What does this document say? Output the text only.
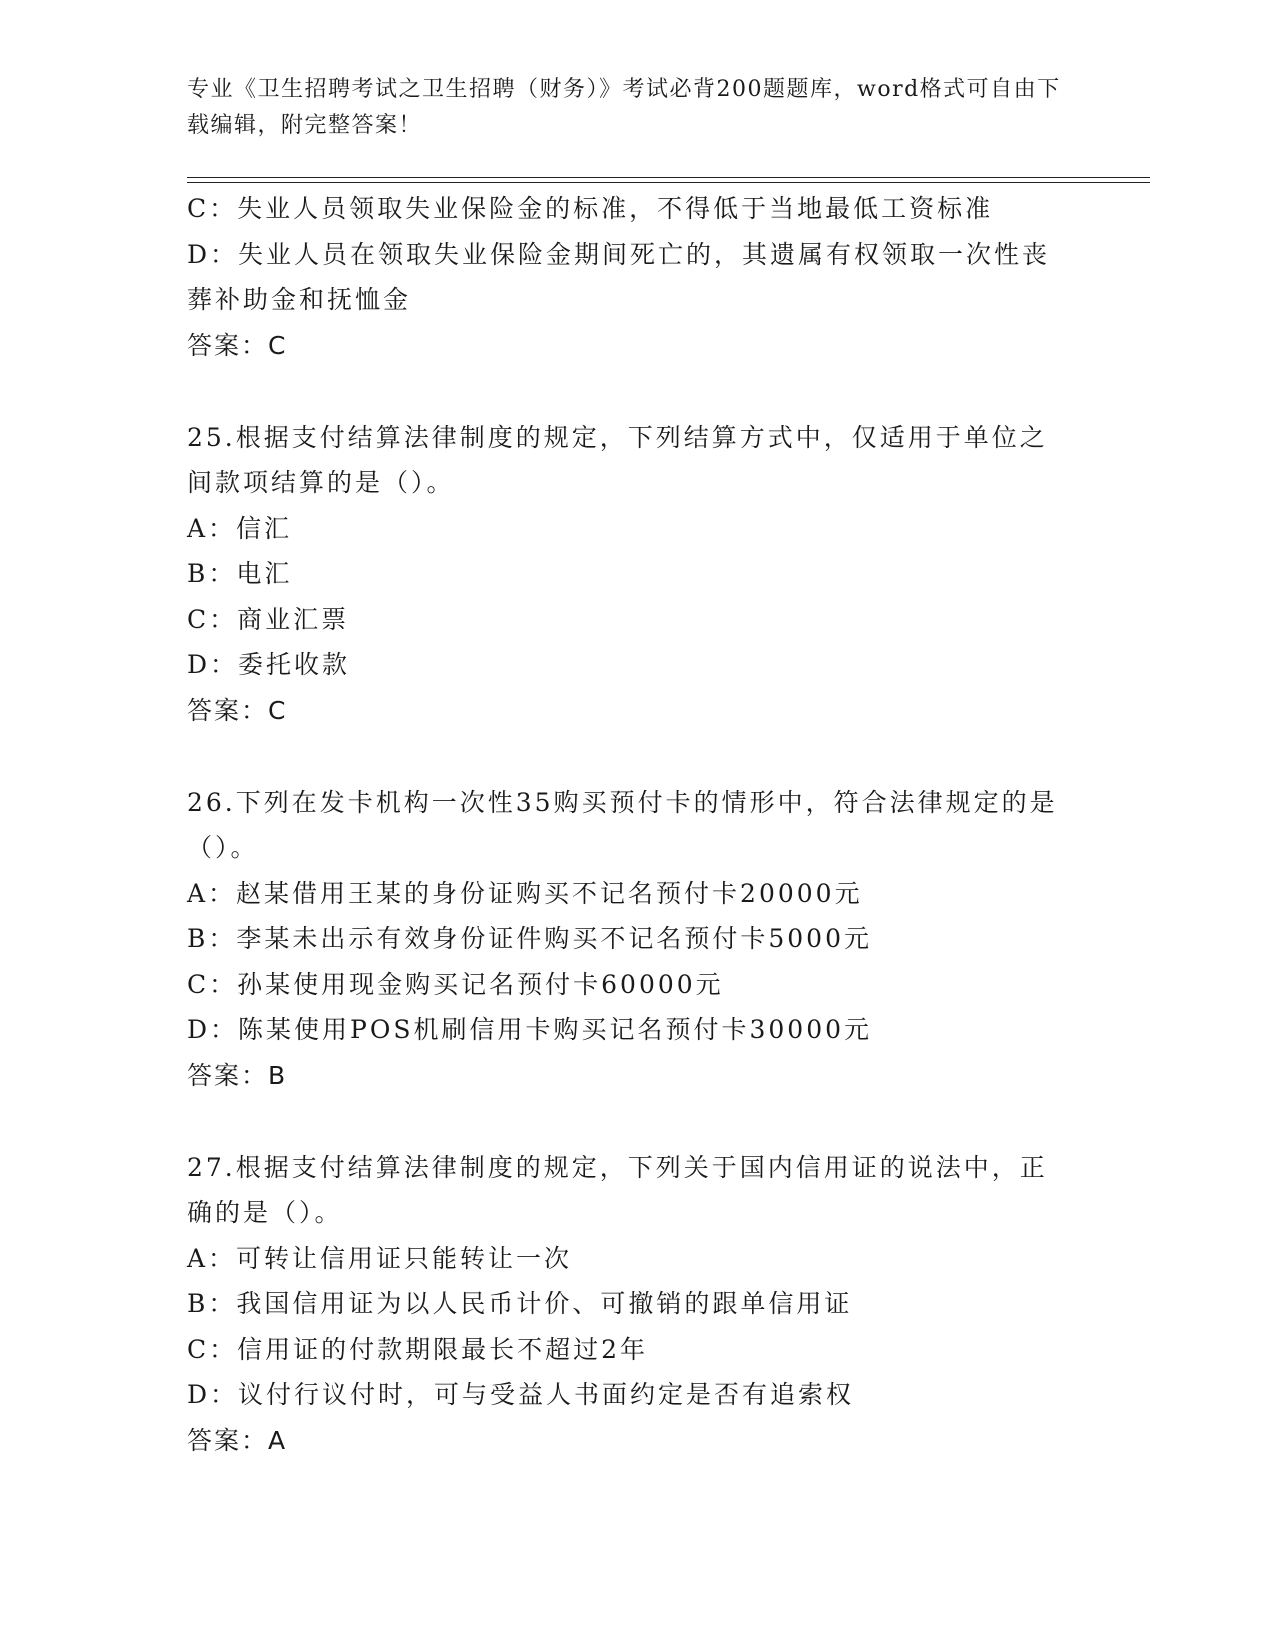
专业《卫生招聘考试之卫生招聘（财务）》考试必背200题题库，word格式可自由下载编辑，附完整答案！
C：失业人员领取失业保险金的标准，不得低于当地最低工资标准
D：失业人员在领取失业保险金期间死亡的，其遗属有权领取一次性丧葬补助金和抚恤金
答案：C
25.根据支付结算法律制度的规定，下列结算方式中，仅适用于单位之间款项结算的是（）。
A：信汇
B：电汇
C：商业汇票
D：委托收款
答案：C
26.下列在发卡机构一次性35购买预付卡的情形中，符合法律规定的是（）。
A：赵某借用王某的身份证购买不记名预付卡20000元
B：李某未出示有效身份证件购买不记名预付卡5000元
C：孙某使用现金购买记名预付卡60000元
D：陈某使用POS机刷信用卡购买记名预付卡30000元
答案：B
27.根据支付结算法律制度的规定，下列关于国内信用证的说法中，正确的是（）。
A：可转让信用证只能转让一次
B：我国信用证为以人民币计价、可撤销的跟单信用证
C：信用证的付款期限最长不超过2年
D：议付行议付时，可与受益人书面约定是否有追索权
答案：A
